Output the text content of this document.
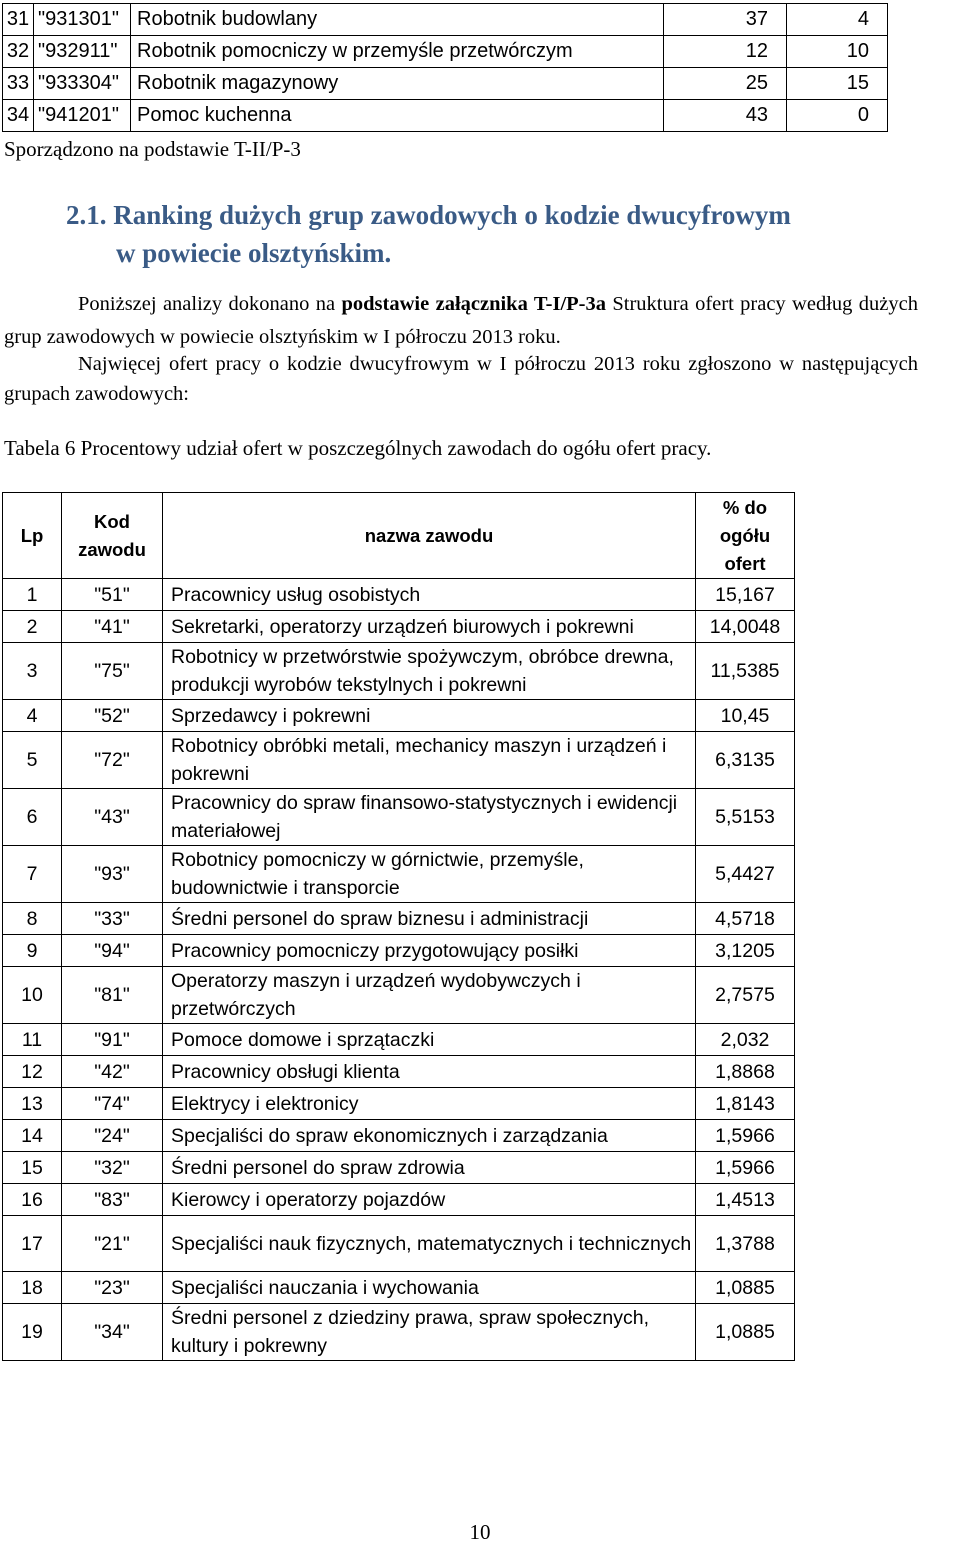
31	"931301"	Robotnik budowlany	37	4
32	"932911"	Robotnik pomocniczy w przemyśle przetwórczym	12	10
33	"933304"	Robotnik magazynowy	25	15
34	"941201"	Pomoc kuchenna	43	0
Sporządzono na podstawie T-II/P-3
2.1. Ranking dużych grup zawodowych o kodzie dwucyfrowym
w powiecie olsztyńskim.
Poniższej analizy dokonano na podstawie załącznika T-I/P-3a Struktura ofert pracy według dużych grup zawodowych w powiecie olsztyńskim w I półroczu 2013 roku.
Najwięcej ofert pracy o kodzie dwucyfrowym w I półroczu 2013 roku zgłoszono w następujących grupach zawodowych:
Tabela 6 Procentowy udział ofert w poszczególnych zawodach do ogółu ofert pracy.
Lp	Kod zawodu	nazwa zawodu	% do ogółu ofert
1	"51"	Pracownicy usług osobistych	15,167
2	"41"	Sekretarki, operatorzy urządzeń biurowych i pokrewni	14,0048
3	"75"	Robotnicy w przetwórstwie spożywczym, obróbce drewna, produkcji wyrobów tekstylnych i pokrewni	11,5385
4	"52"	Sprzedawcy i pokrewni	10,45
5	"72"	Robotnicy obróbki metali, mechanicy maszyn i urządzeń i pokrewni	6,3135
6	"43"	Pracownicy do spraw finansowo-statystycznych i ewidencji materiałowej	5,5153
7	"93"	Robotnicy pomocniczy w górnictwie, przemyśle, budownictwie i transporcie	5,4427
8	"33"	Średni personel do spraw biznesu i administracji	4,5718
9	"94"	Pracownicy pomocniczy przygotowujący posiłki	3,1205
10	"81"	Operatorzy maszyn i urządzeń wydobywczych i przetwórczych	2,7575
11	"91"	Pomoce domowe i sprzątaczki	2,032
12	"42"	Pracownicy obsługi klienta	1,8868
13	"74"	Elektrycy i elektronicy	1,8143
14	"24"	Specjaliści do spraw ekonomicznych i zarządzania	1,5966
15	"32"	Średni personel do spraw zdrowia	1,5966
16	"83"	Kierowcy i operatorzy pojazdów	1,4513
17	"21"	Specjaliści nauk fizycznych, matematycznych i technicznych	1,3788
18	"23"	Specjaliści nauczania i wychowania	1,0885
19	"34"	Średni personel z dziedziny prawa, spraw społecznych, kultury i pokrewny	1,0885
10
